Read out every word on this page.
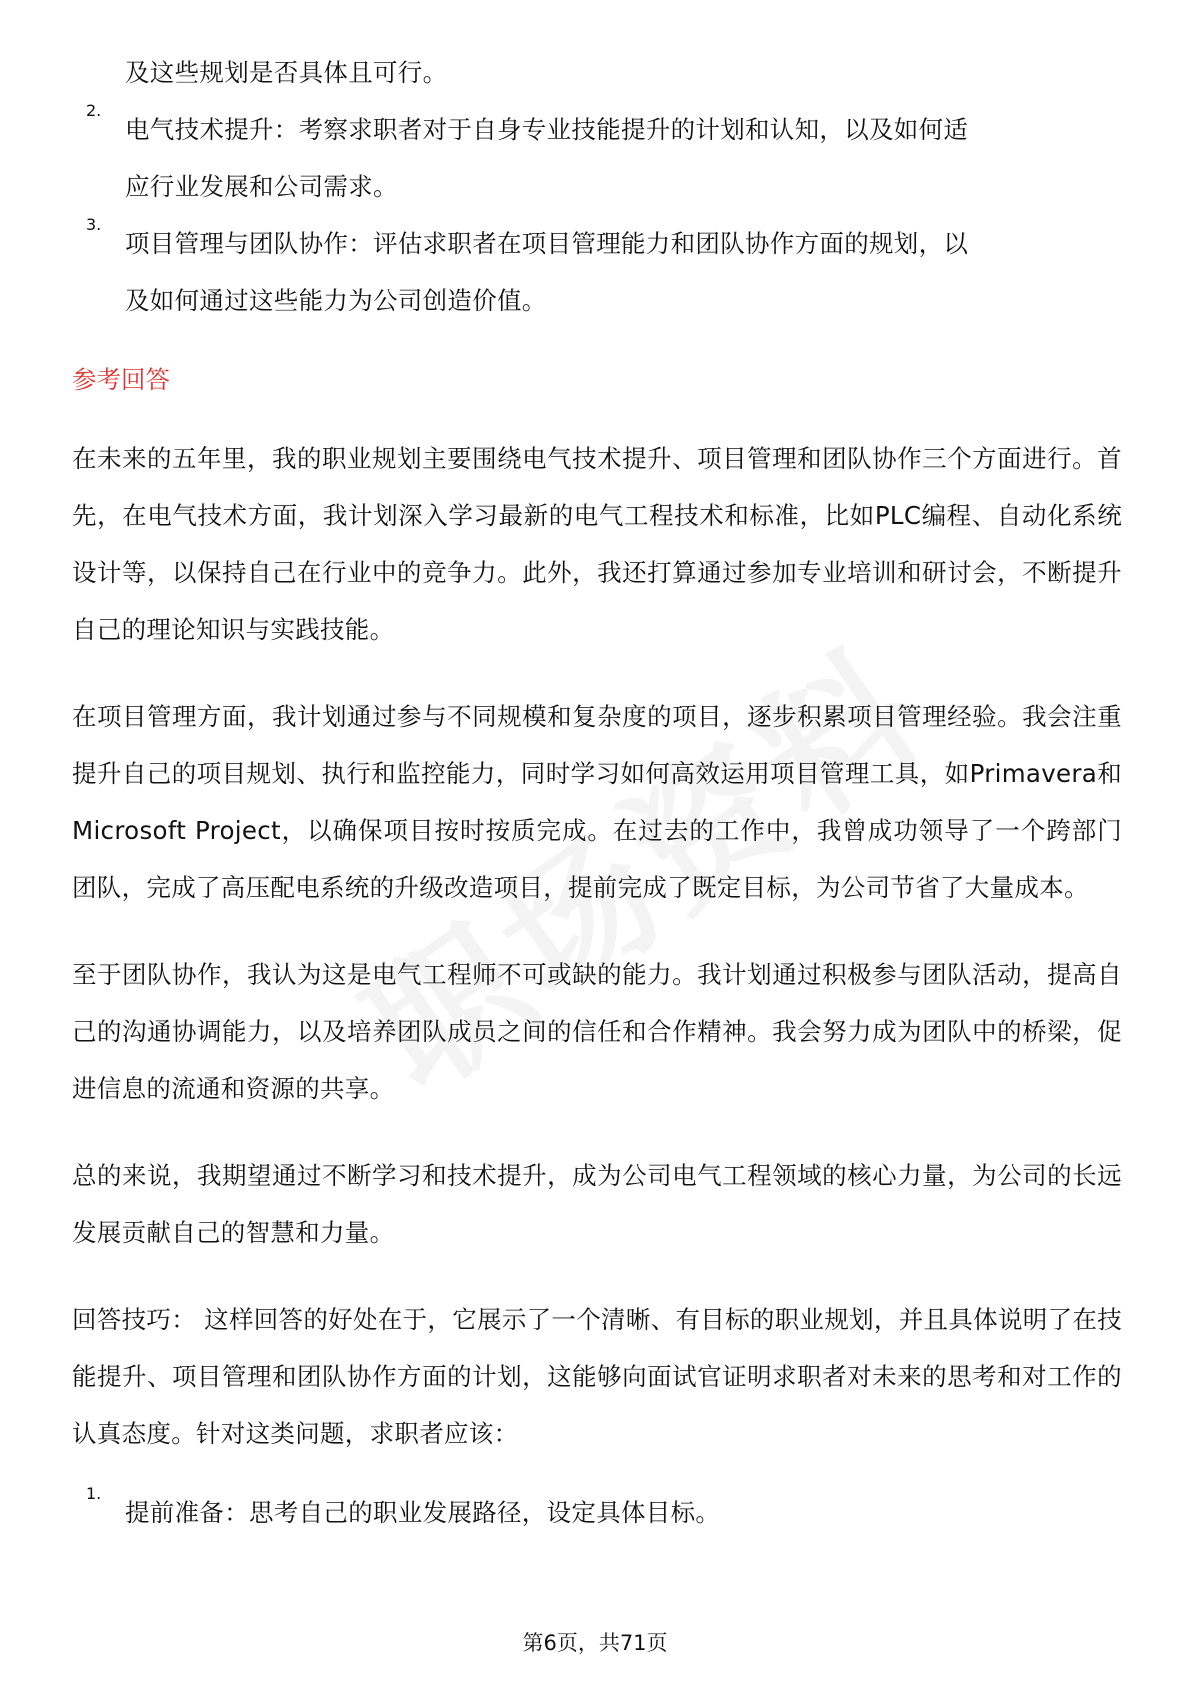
及这些规划是否具体且可行。

2.

电气技术提升：考察求职者对于自身专业技能提升的计划和认知，以及如何适

应行业发展和公司需求。

3.

项目管理与团队协作：评估求职者在项目管理能力和团队协作方面的规划，以

及如何通过这些能力为公司创造价值。

参考回答

在未来的五年里，我的职业规划主要围绕电气技术提升、项目管理和团队协作三个方面进行。首先，在电气技术方面，我计划深入学习最新的电气工程技术和标准，比如PLC编程、自动化系统设计等，以保持自己在行业中的竞争力。此外，我还打算通过参加专业培训和研讨会，不断提升自己的理论知识与实践技能。

在项目管理方面，我计划通过参与不同规模和复杂度的项目，逐步积累项目管理经验。我会注重提升自己的项目规划、执行和监控能力，同时学习如何高效运用项目管理工具，如Primavera和Microsoft Project，以确保项目按时按质完成。在过去的工作中，我曾成功领导了一个跨部门团队，完成了高压配电系统的升级改造项目，提前完成了既定目标，为公司节省了大量成本。

至于团队协作，我认为这是电气工程师不可或缺的能力。我计划通过积极参与团队活动，提高自己的沟通协调能力，以及培养团队成员之间的信任和合作精神。我会努力成为团队中的桥梁，促进信息的流通和资源的共享。

总的来说，我期望通过不断学习和技术提升，成为公司电气工程领域的核心力量，为公司的长远发展贡献自己的智慧和力量。

回答技巧： 这样回答的好处在于，它展示了一个清晰、有目标的职业规划，并且具体说明了在技能提升、项目管理和团队协作方面的计划，这能够向面试官证明求职者对未来的思考和对工作的认真态度。针对这类问题，求职者应该：

1.

提前准备：思考自己的职业发展路径，设定具体目标。

第6页，共71页
